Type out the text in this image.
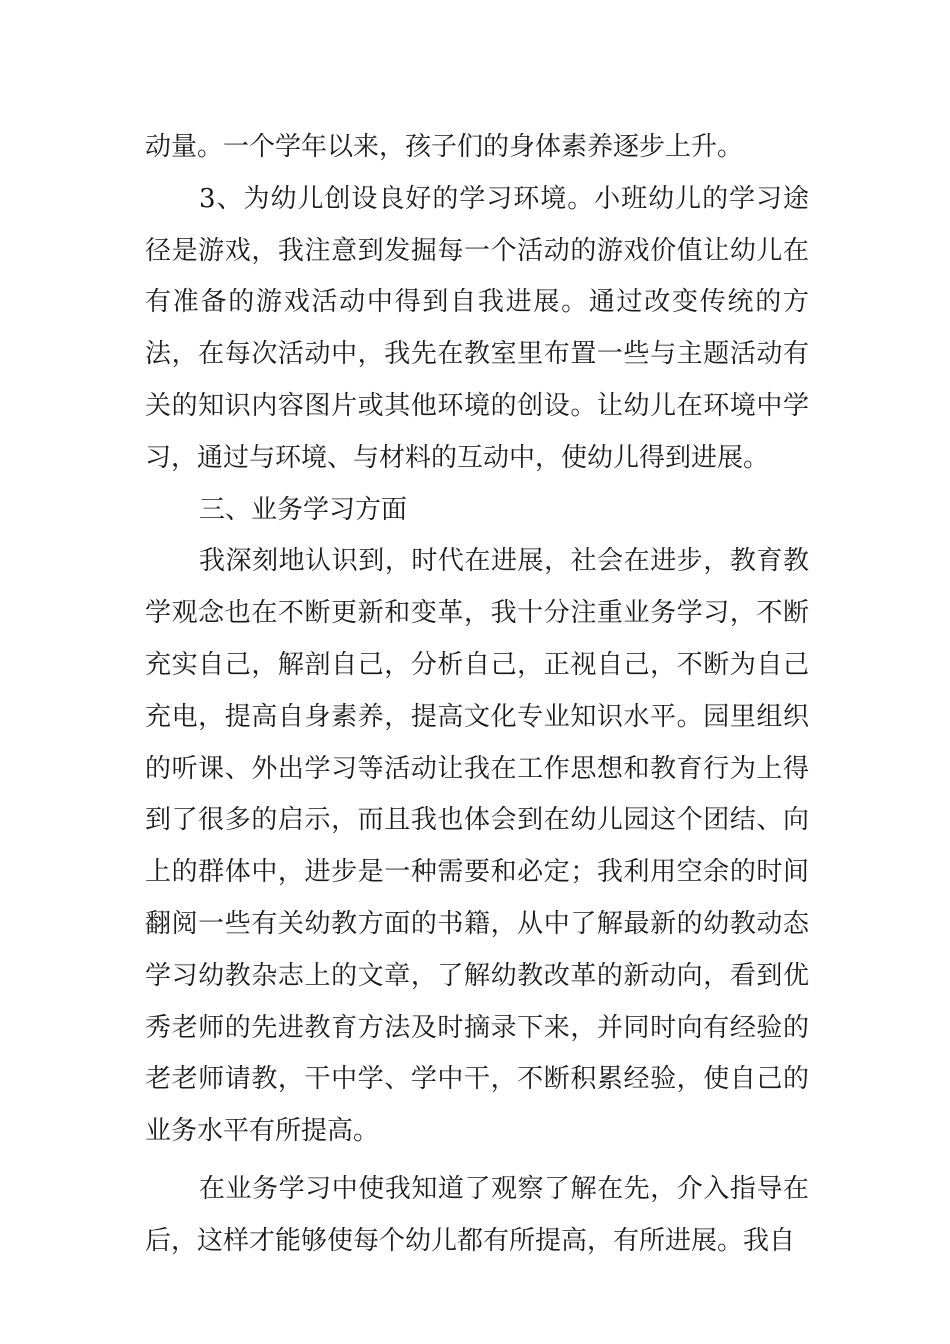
动量。一个学年以来，孩子们的身体素养逐步上升。

3、为幼儿创设良好的学习环境。小班幼儿的学习途径是游戏，我注意到发掘每一个活动的游戏价值让幼儿在有准备的游戏活动中得到自我进展。通过改变传统的方法，在每次活动中，我先在教室里布置一些与主题活动有关的知识内容图片或其他环境的创设。让幼儿在环境中学习，通过与环境、与材料的互动中，使幼儿得到进展。

三、业务学习方面

我深刻地认识到，时代在进展，社会在进步，教育教学观念也在不断更新和变革，我十分注重业务学习，不断充实自己，解剖自己，分析自己，正视自己，不断为自己充电，提高自身素养，提高文化专业知识水平。园里组织的听课、外出学习等活动让我在工作思想和教育行为上得到了很多的启示，而且我也体会到在幼儿园这个团结、向上的群体中，进步是一种需要和必定；我利用空余的时间翻阅一些有关幼教方面的书籍，从中了解最新的幼教动态学习幼教杂志上的文章，了解幼教改革的新动向，看到优秀老师的先进教育方法及时摘录下来，并同时向有经验的老老师请教，干中学、学中干，不断积累经验，使自己的业务水平有所提高。

在业务学习中使我知道了观察了解在先，介入指导在后，这样才能够使每个幼儿都有所提高，有所进展。我自
